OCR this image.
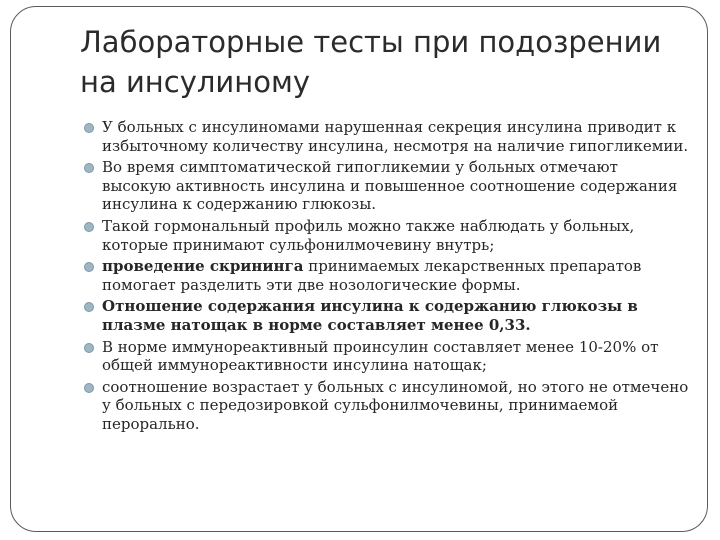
Лабораторные тесты при подозрении на инсулиному
У больных с инсулиномами нарушенная секреция инсулина приводит к избыточному количеству инсулина, несмотря на наличие гипогликемии.
Во время симптоматической гипогликемии у больных отмечают высокую активность инсулина и повышенное соотношение содержания инсулина к содержанию глюкозы.
Такой гормональный профиль можно также наблюдать у больных, которые принимают сульфонилмочевину внутрь;
проведение скрининга принимаемых лекарственных препаратов помогает разделить эти две нозологические формы.
Отношение содержания инсулина к содержанию глюкозы в плазме натощак в норме составляет менее 0,33.
В норме иммунореактивный проинсулин составляет менее 10-20% от общей иммунореактивности инсулина натощак;
соотношение возрастает у больных с инсулиномой, но этого не отмечено у больных с передозировкой сульфонилмочевины, принимаемой перорально.
